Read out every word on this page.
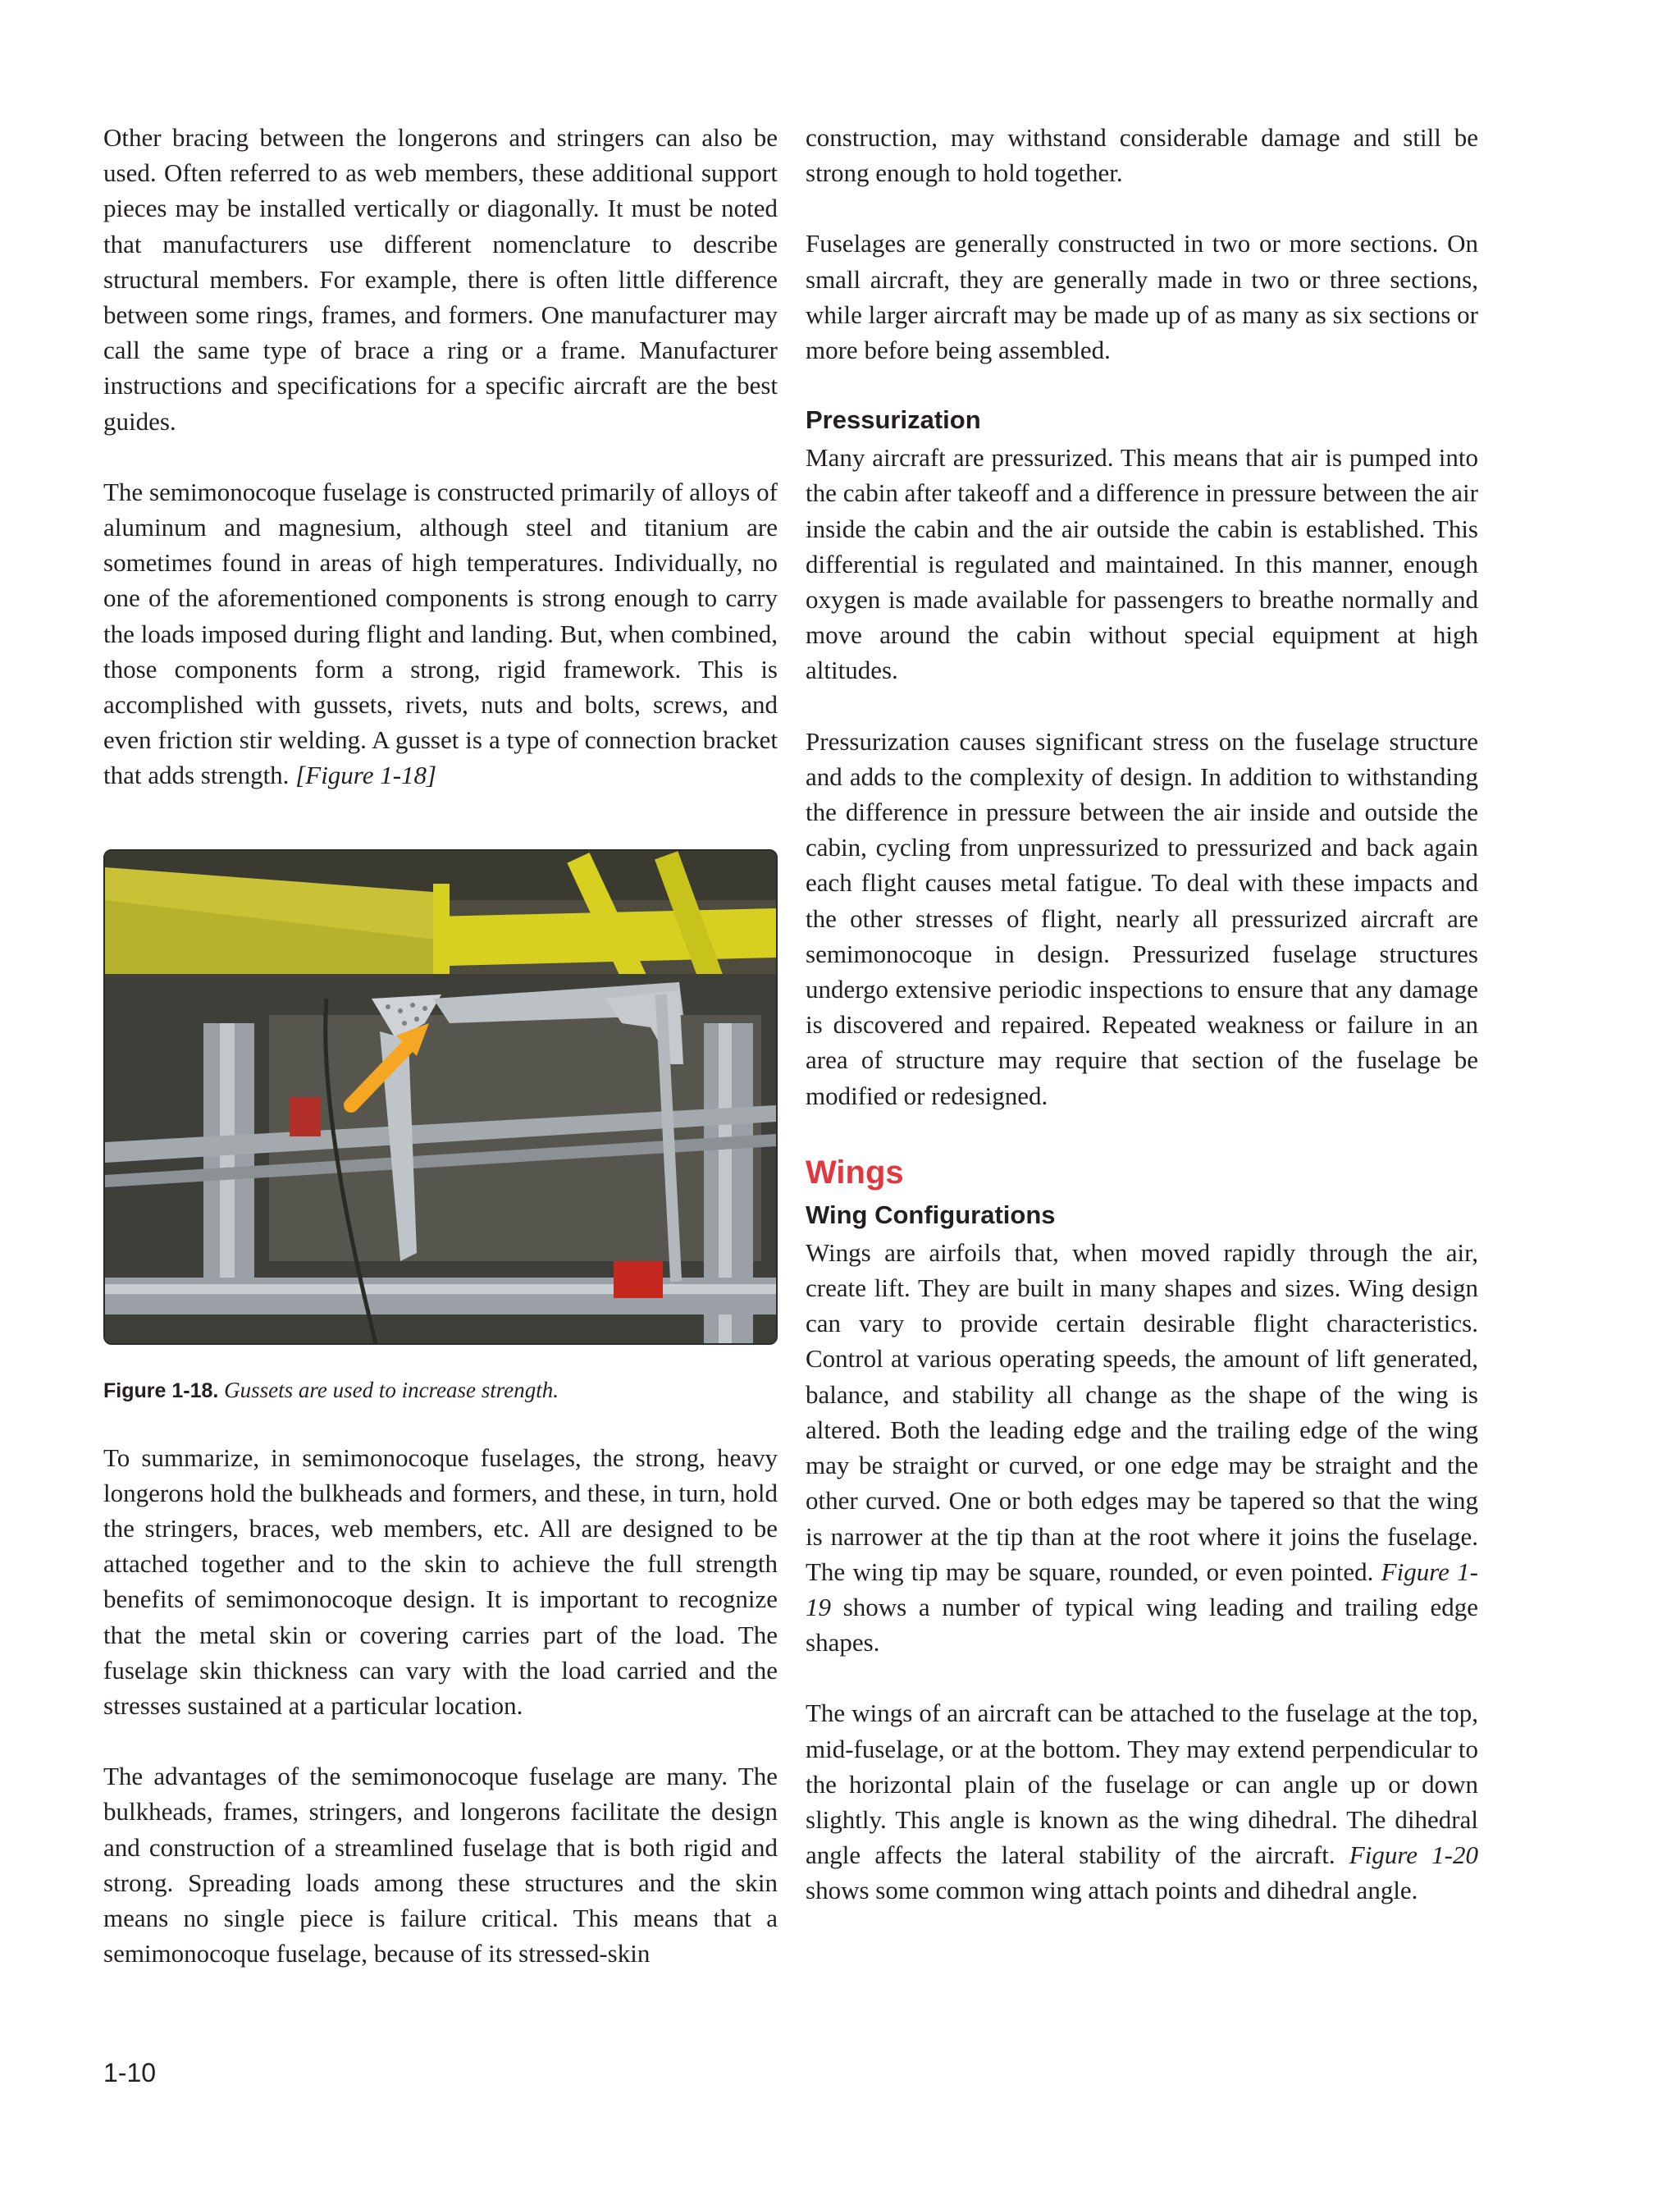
Other bracing between the longerons and stringers can also be used. Often referred to as web members, these additional support pieces may be installed vertically or diagonally. It must be noted that manufacturers use different nomenclature to describe structural members. For example, there is often little difference between some rings, frames, and formers. One manufacturer may call the same type of brace a ring or a frame. Manufacturer instructions and specifications for a specific aircraft are the best guides.

The semimonocoque fuselage is constructed primarily of alloys of aluminum and magnesium, although steel and titanium are sometimes found in areas of high temperatures. Individually, no one of the aforementioned components is strong enough to carry the loads imposed during flight and landing. But, when combined, those components form a strong, rigid framework. This is accomplished with gussets, rivets, nuts and bolts, screws, and even friction stir welding. A gusset is a type of connection bracket that adds strength. [Figure 1-18]

Figure 1-18. Gussets are used to increase strength.

To summarize, in semimonocoque fuselages, the strong, heavy longerons hold the bulkheads and formers, and these, in turn, hold the stringers, braces, web members, etc. All are designed to be attached together and to the skin to achieve the full strength benefits of semimonocoque design. It is important to recognize that the metal skin or covering carries part of the load. The fuselage skin thickness can vary with the load carried and the stresses sustained at a particular location.

The advantages of the semimonocoque fuselage are many. The bulkheads, frames, stringers, and longerons facilitate the design and construction of a streamlined fuselage that is both rigid and strong. Spreading loads among these structures and the skin means no single piece is failure critical. This means that a semimonocoque fuselage, because of its stressed-skin

construction, may withstand considerable damage and still be strong enough to hold together.

Fuselages are generally constructed in two or more sections. On small aircraft, they are generally made in two or three sections, while larger aircraft may be made up of as many as six sections or more before being assembled.

Pressurization

Many aircraft are pressurized. This means that air is pumped into the cabin after takeoff and a difference in pressure between the air inside the cabin and the air outside the cabin is established. This differential is regulated and maintained. In this manner, enough oxygen is made available for passengers to breathe normally and move around the cabin without special equipment at high altitudes.

Pressurization causes significant stress on the fuselage structure and adds to the complexity of design. In addition to withstanding the difference in pressure between the air inside and outside the cabin, cycling from unpressurized to pressurized and back again each flight causes metal fatigue. To deal with these impacts and the other stresses of flight, nearly all pressurized aircraft are semimonocoque in design. Pressurized fuselage structures undergo extensive periodic inspections to ensure that any damage is discovered and repaired. Repeated weakness or failure in an area of structure may require that section of the fuselage be modified or redesigned.

Wings
Wing Configurations

Wings are airfoils that, when moved rapidly through the air, create lift. They are built in many shapes and sizes. Wing design can vary to provide certain desirable flight characteristics. Control at various operating speeds, the amount of lift generated, balance, and stability all change as the shape of the wing is altered. Both the leading edge and the trailing edge of the wing may be straight or curved, or one edge may be straight and the other curved. One or both edges may be tapered so that the wing is narrower at the tip than at the root where it joins the fuselage. The wing tip may be square, rounded, or even pointed. Figure 1-19 shows a number of typical wing leading and trailing edge shapes.

The wings of an aircraft can be attached to the fuselage at the top, mid-fuselage, or at the bottom. They may extend perpendicular to the horizontal plain of the fuselage or can angle up or down slightly. This angle is known as the wing dihedral. The dihedral angle affects the lateral stability of the aircraft. Figure 1-20 shows some common wing attach points and dihedral angle.

1-10
